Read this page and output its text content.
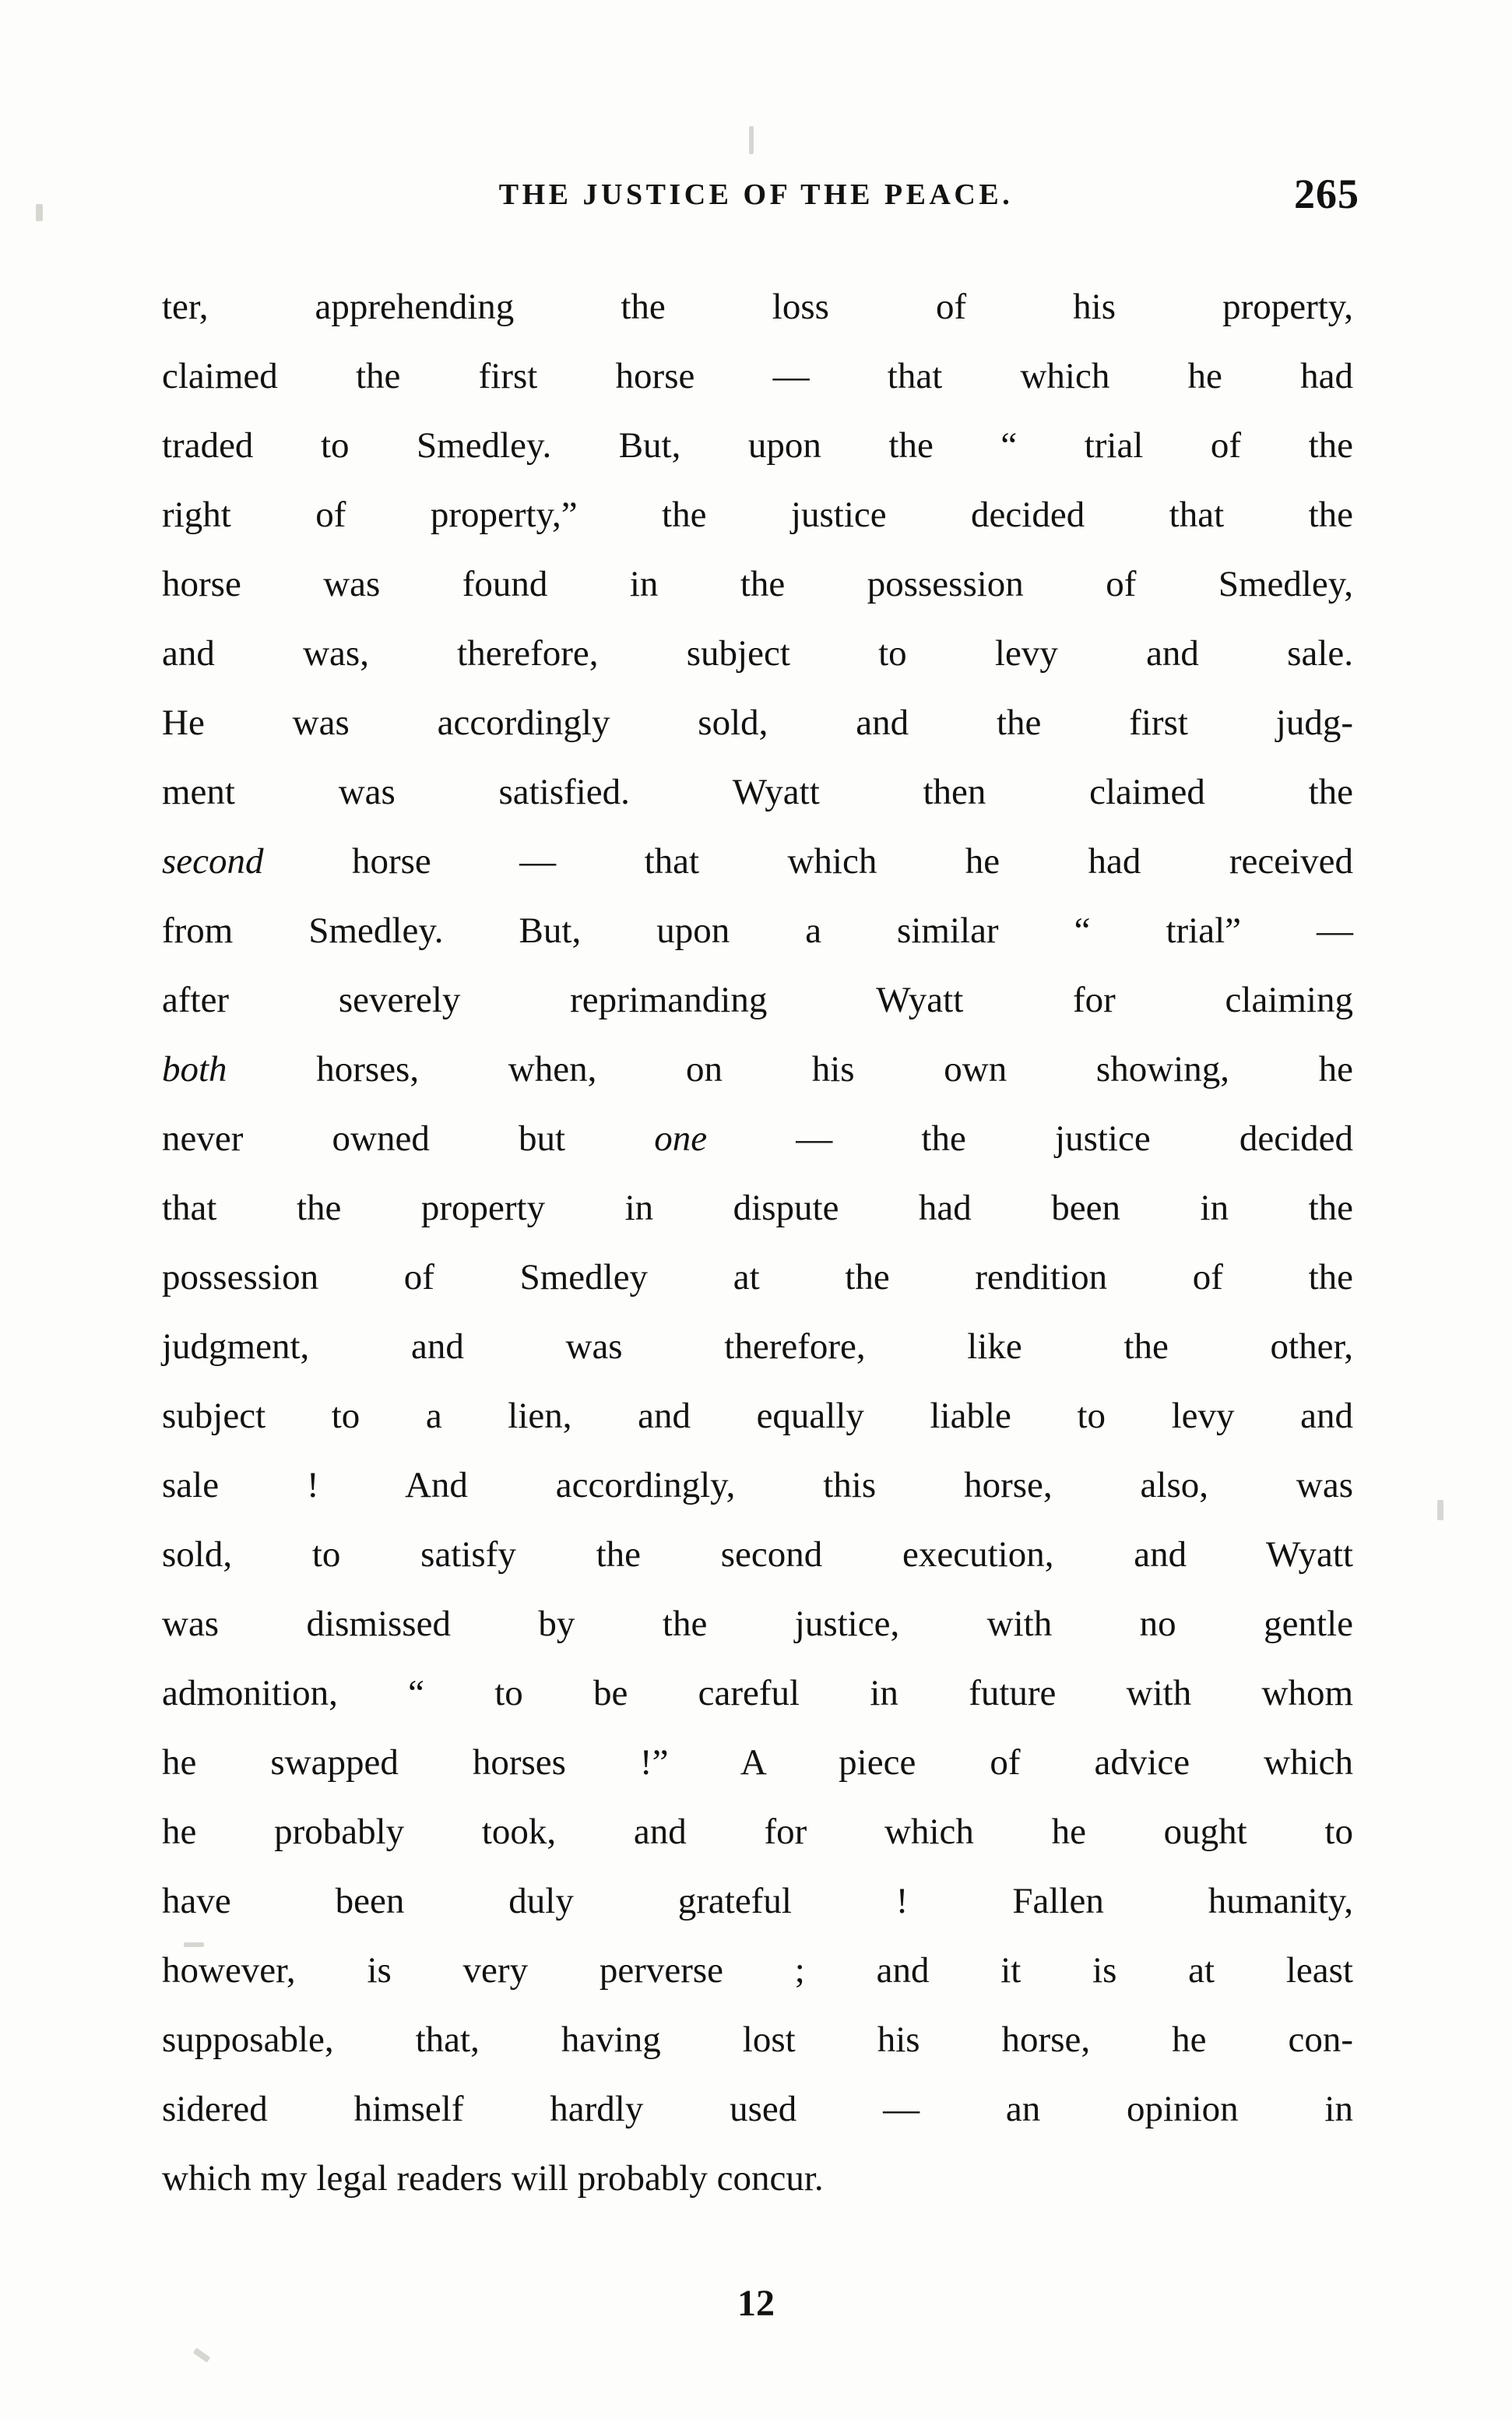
THE JUSTICE OF THE PEACE.	265

ter, apprehending the loss of his property,
claimed the first horse — that which he had
traded to Smedley. But, upon the “ trial of the
right of property,” the justice decided that the
horse was found in the possession of Smedley,
and was, therefore, subject to levy and sale.
He was accordingly sold, and the first judg-
ment was satisfied. Wyatt then claimed the
second horse — that which he had received
from Smedley. But, upon a similar “ trial” —
after severely reprimanding Wyatt for claiming
both horses, when, on his own showing, he
never owned but one — the justice decided
that the property in dispute had been in the
possession of Smedley at the rendition of the
judgment, and was therefore, like the other,
subject to a lien, and equally liable to levy and
sale ! And accordingly, this horse, also, was
sold, to satisfy the second execution, and Wyatt
was dismissed by the justice, with no gentle
admonition, “ to be careful in future with whom
he swapped horses !” A piece of advice which
he probably took, and for which he ought to
have been duly grateful ! Fallen humanity,
however, is very perverse ; and it is at least
supposable, that, having lost his horse, he con-
sidered himself hardly used — an opinion in
which my legal readers will probably concur.

12
